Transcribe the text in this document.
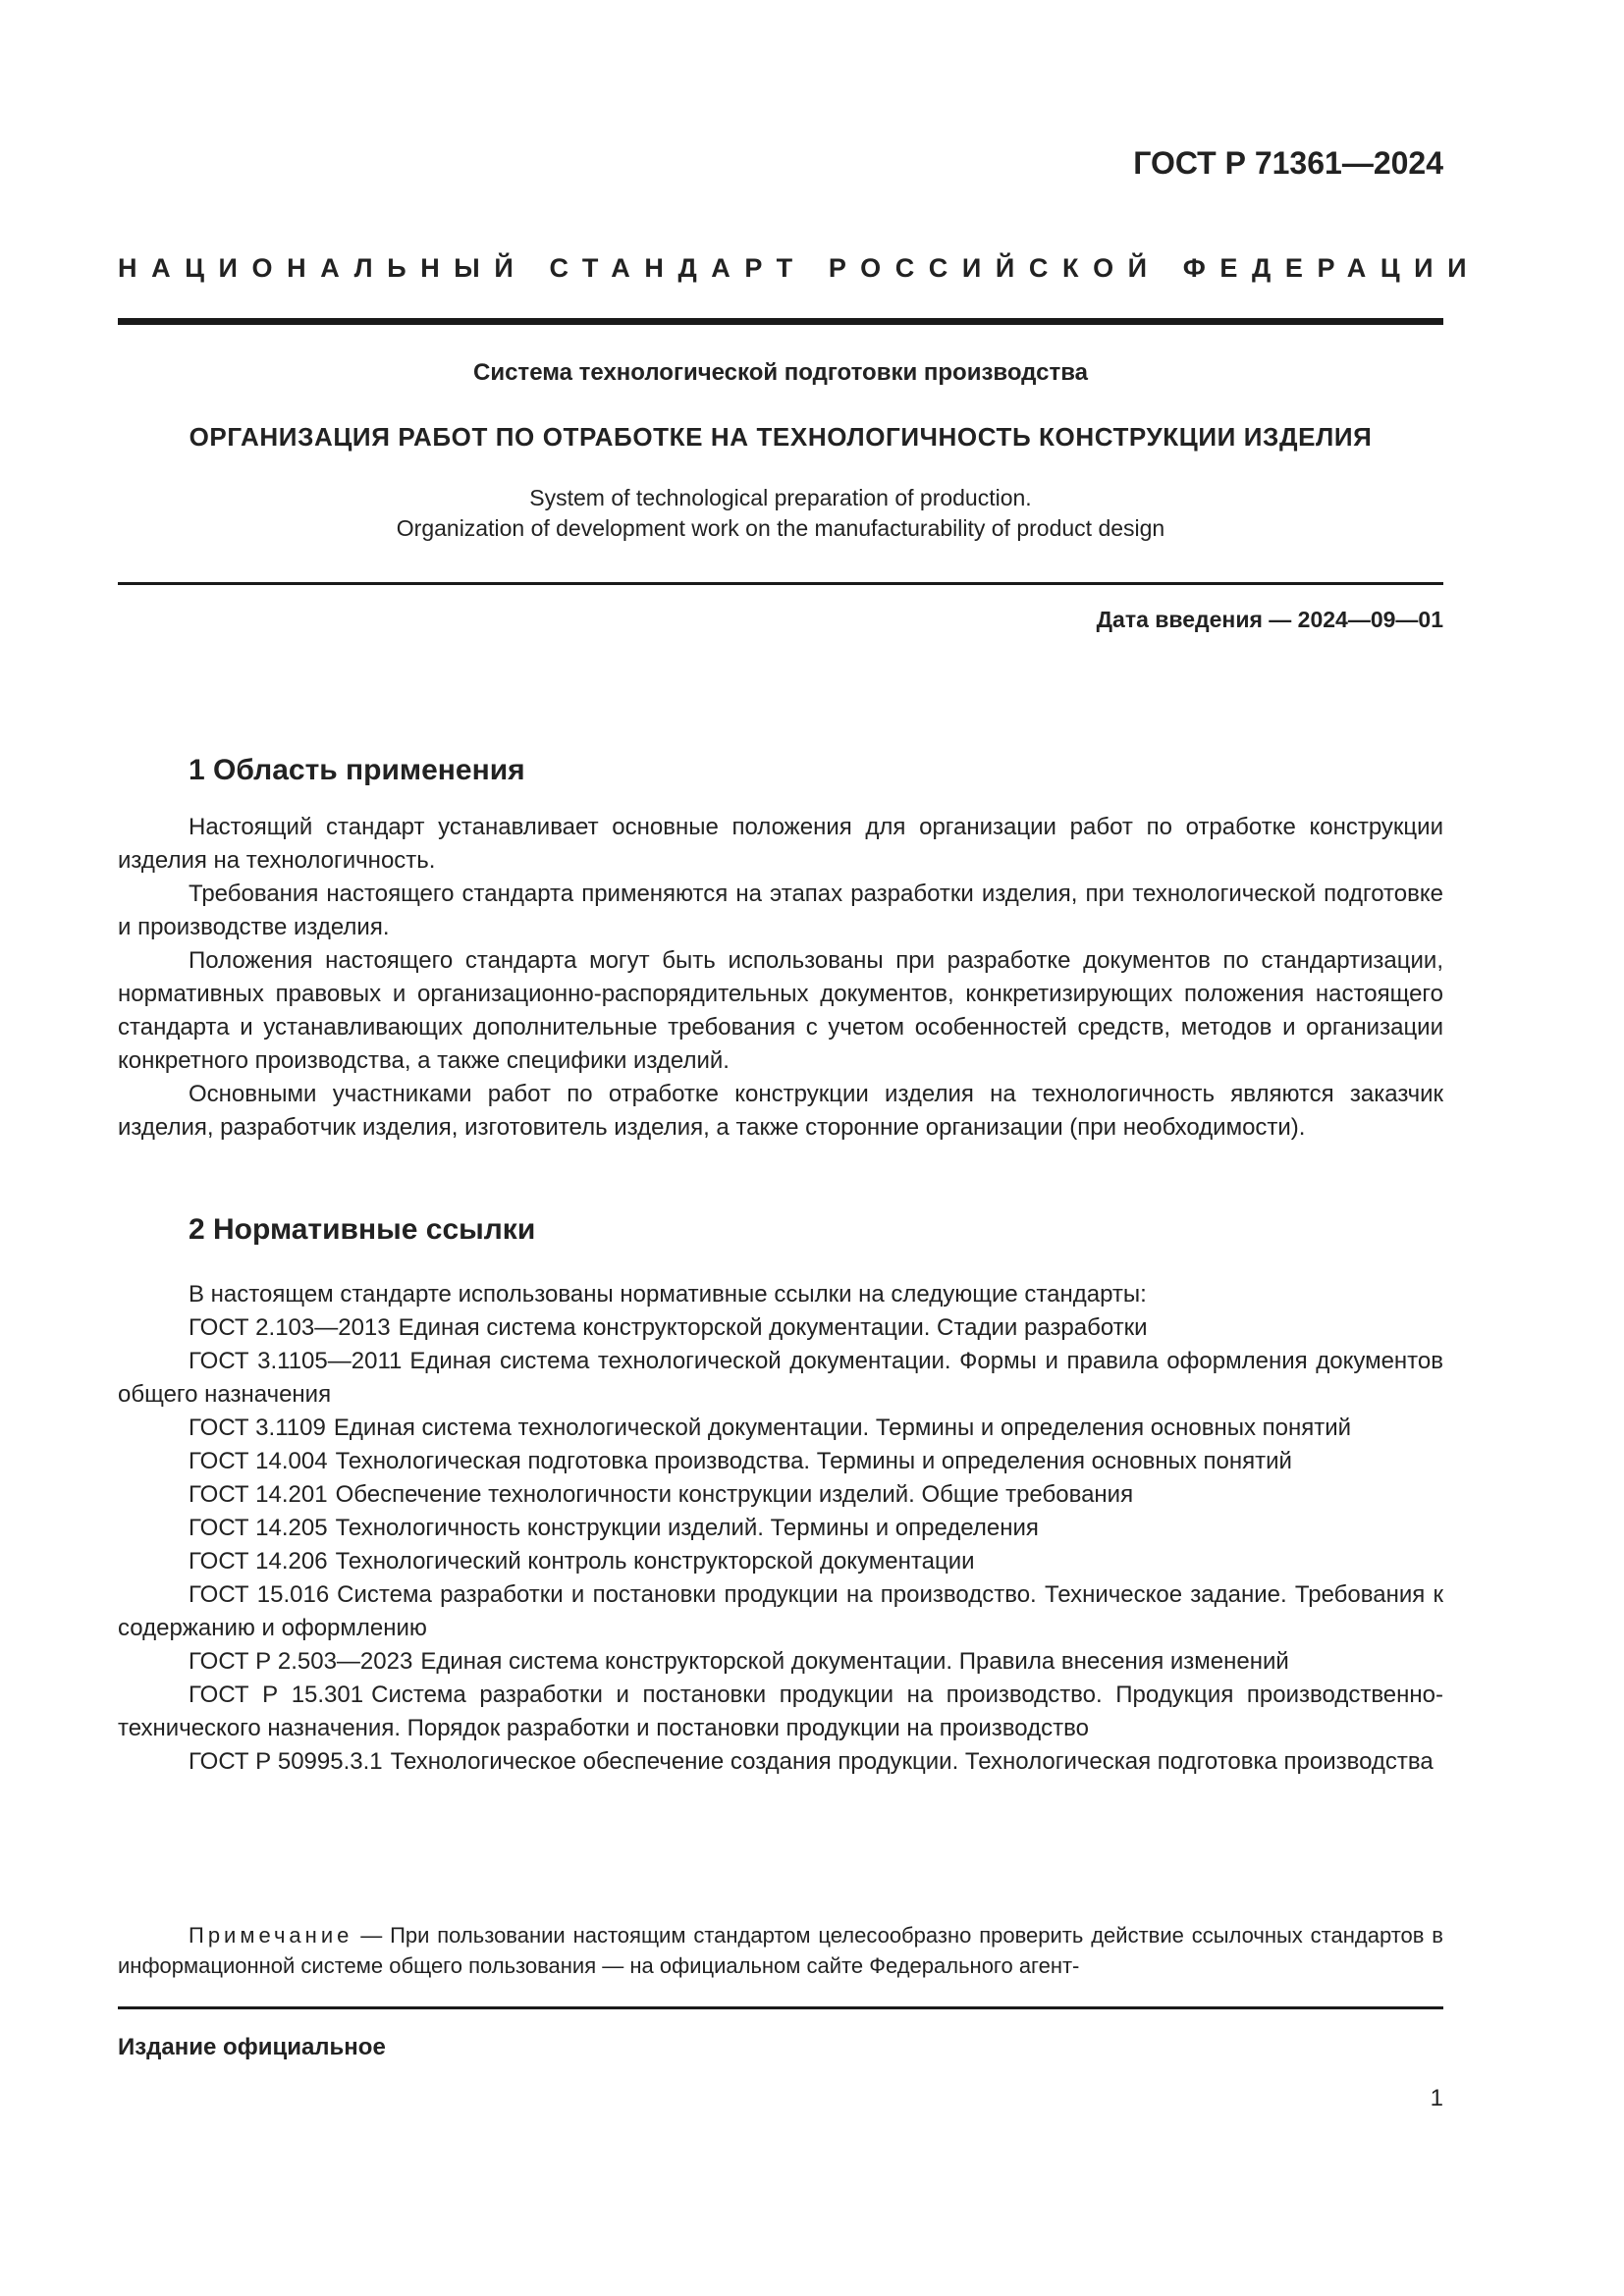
ГОСТ Р 71361—2024
НАЦИОНАЛЬНЫЙ СТАНДАРТ РОССИЙСКОЙ ФЕДЕРАЦИИ
Система технологической подготовки производства
ОРГАНИЗАЦИЯ РАБОТ ПО ОТРАБОТКЕ НА ТЕХНОЛОГИЧНОСТЬ КОНСТРУКЦИИ ИЗДЕЛИЯ
System of technological preparation of production.
Organization of development work on the manufacturability of product design
Дата введения — 2024—09—01
1 Область применения

Настоящий стандарт устанавливает основные положения для организации работ по отработке конструкции изделия на технологичность.

Требования настоящего стандарта применяются на этапах разработки изделия, при технологической подготовке и производстве изделия.

Положения настоящего стандарта могут быть использованы при разработке документов по стандартизации, нормативных правовых и организационно-распорядительных документов, конкретизирующих положения настоящего стандарта и устанавливающих дополнительные требования с учетом особенностей средств, методов и организации конкретного производства, а также специфики изделий.

Основными участниками работ по отработке конструкции изделия на технологичность являются заказчик изделия, разработчик изделия, изготовитель изделия, а также сторонние организации (при необходимости).

2 Нормативные ссылки

В настоящем стандарте использованы нормативные ссылки на следующие стандарты:

ГОСТ 2.103—2013 Единая система конструкторской документации. Стадии разработки

ГОСТ 3.1105—2011 Единая система технологической документации. Формы и правила оформления документов общего назначения

ГОСТ 3.1109 Единая система технологической документации. Термины и определения основных понятий

ГОСТ 14.004 Технологическая подготовка производства. Термины и определения основных понятий

ГОСТ 14.201 Обеспечение технологичности конструкции изделий. Общие требования

ГОСТ 14.205 Технологичность конструкции изделий. Термины и определения

ГОСТ 14.206 Технологический контроль конструкторской документации

ГОСТ 15.016 Система разработки и постановки продукции на производство. Техническое задание. Требования к содержанию и оформлению

ГОСТ Р 2.503—2023 Единая система конструкторской документации. Правила внесения изменений

ГОСТ Р 15.301 Система разработки и постановки продукции на производство. Продукция производственно-технического назначения. Порядок разработки и постановки продукции на производство

ГОСТ Р 50995.3.1 Технологическое обеспечение создания продукции. Технологическая подготовка производства

Примечание — При пользовании настоящим стандартом целесообразно проверить действие ссылочных стандартов в информационной системе общего пользования — на официальном сайте Федерального агент-

Издание официальное
1
